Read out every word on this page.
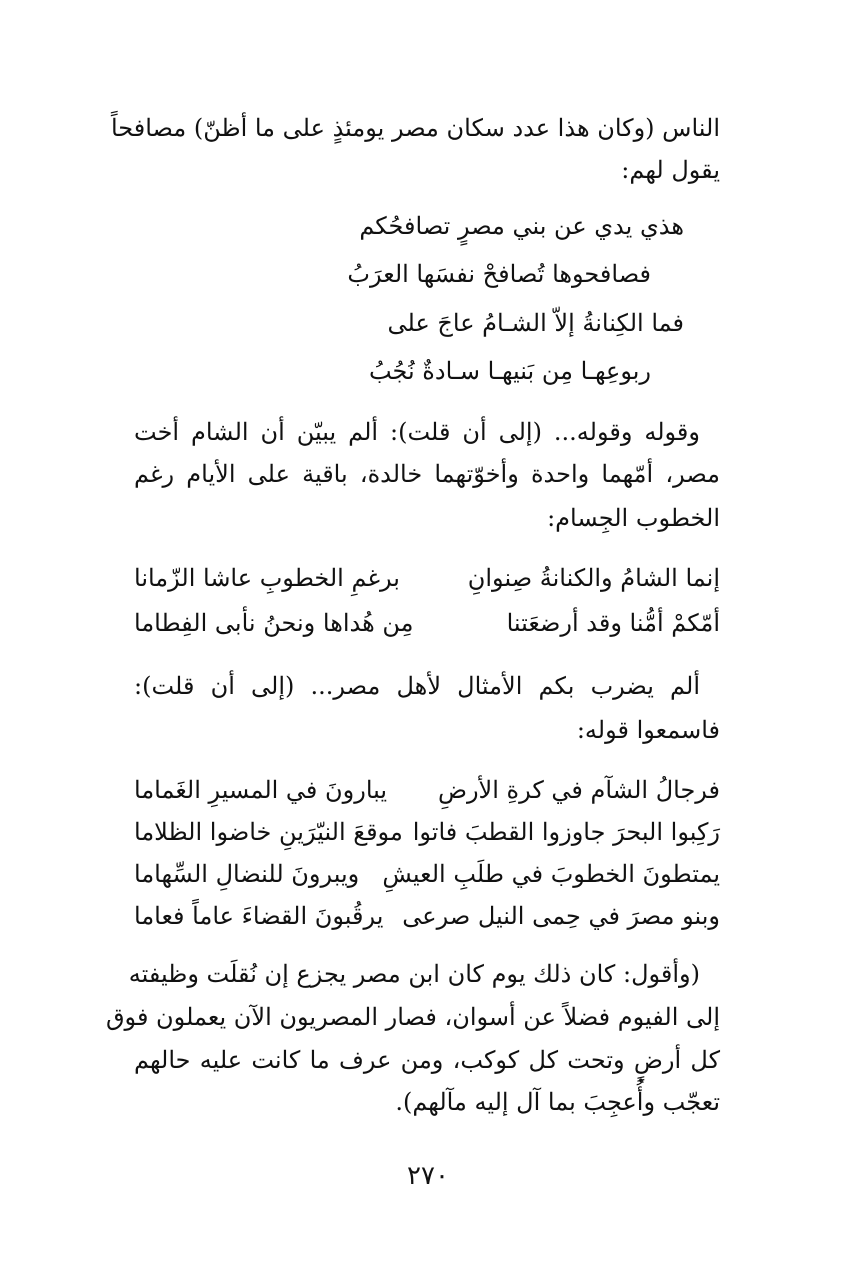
الناس (وكان هذا عدد سكان مصر يومئذٍ على ما أظنّ) مصافحاً
يقول لهم:
هذي يدي عن بني مصرٍ تصافحُكم
فصافحوها تُصافحْ نفسَها العرَبُ
فما الكِنانةُ إلاّ الشـامُ عاجَ على
ربوعِهـا مِن بَنيهـا سـادةٌ نُجُبُ
وقوله وقوله... (إلى أن قلت): ألم يبيّن أن الشام أخت
مصر، أمّهما واحدة وأخوّتهما خالدة، باقية على الأيام رغم
الخطوب الجِسام:
إنما الشامُ والكنانةُ صِنوانِ
برغمِ الخطوبِ عاشا الزّمانا
أمّكمْ أمُّنا وقد أرضعَتنا
مِن هُداها ونحنُ نأبى الفِطاما
ألم يضرب بكم الأمثال لأهل مصر... (إلى أن قلت):
فاسمعوا قوله:
فرجالُ الشآم في كرةِ الأرضِ
يبارونَ في المسيرِ الغَماما
رَكِبوا البحرَ جاوزوا القطبَ فاتوا
موقعَ النيّرَينِ خاضوا الظلاما
يمتطونَ الخطوبَ في طلَبِ العيشِ
ويبرونَ للنضالِ السِّهاما
وبنو مصرَ في حِمى النيل صرعى
يرقُبونَ القضاءَ عاماً فعاما
(وأقول: كان ذلك يوم كان ابن مصر يجزع إن نُقلَت وظيفته
إلى الفيوم فضلاً عن أسوان، فصار المصريون الآن يعملون فوق
كل أرضٍ وتحت كل كوكب، ومن عرف ما كانت عليه حالهم
تعجّب وأُعجِبَ بما آل إليه مآلهم).
٢٧٠
